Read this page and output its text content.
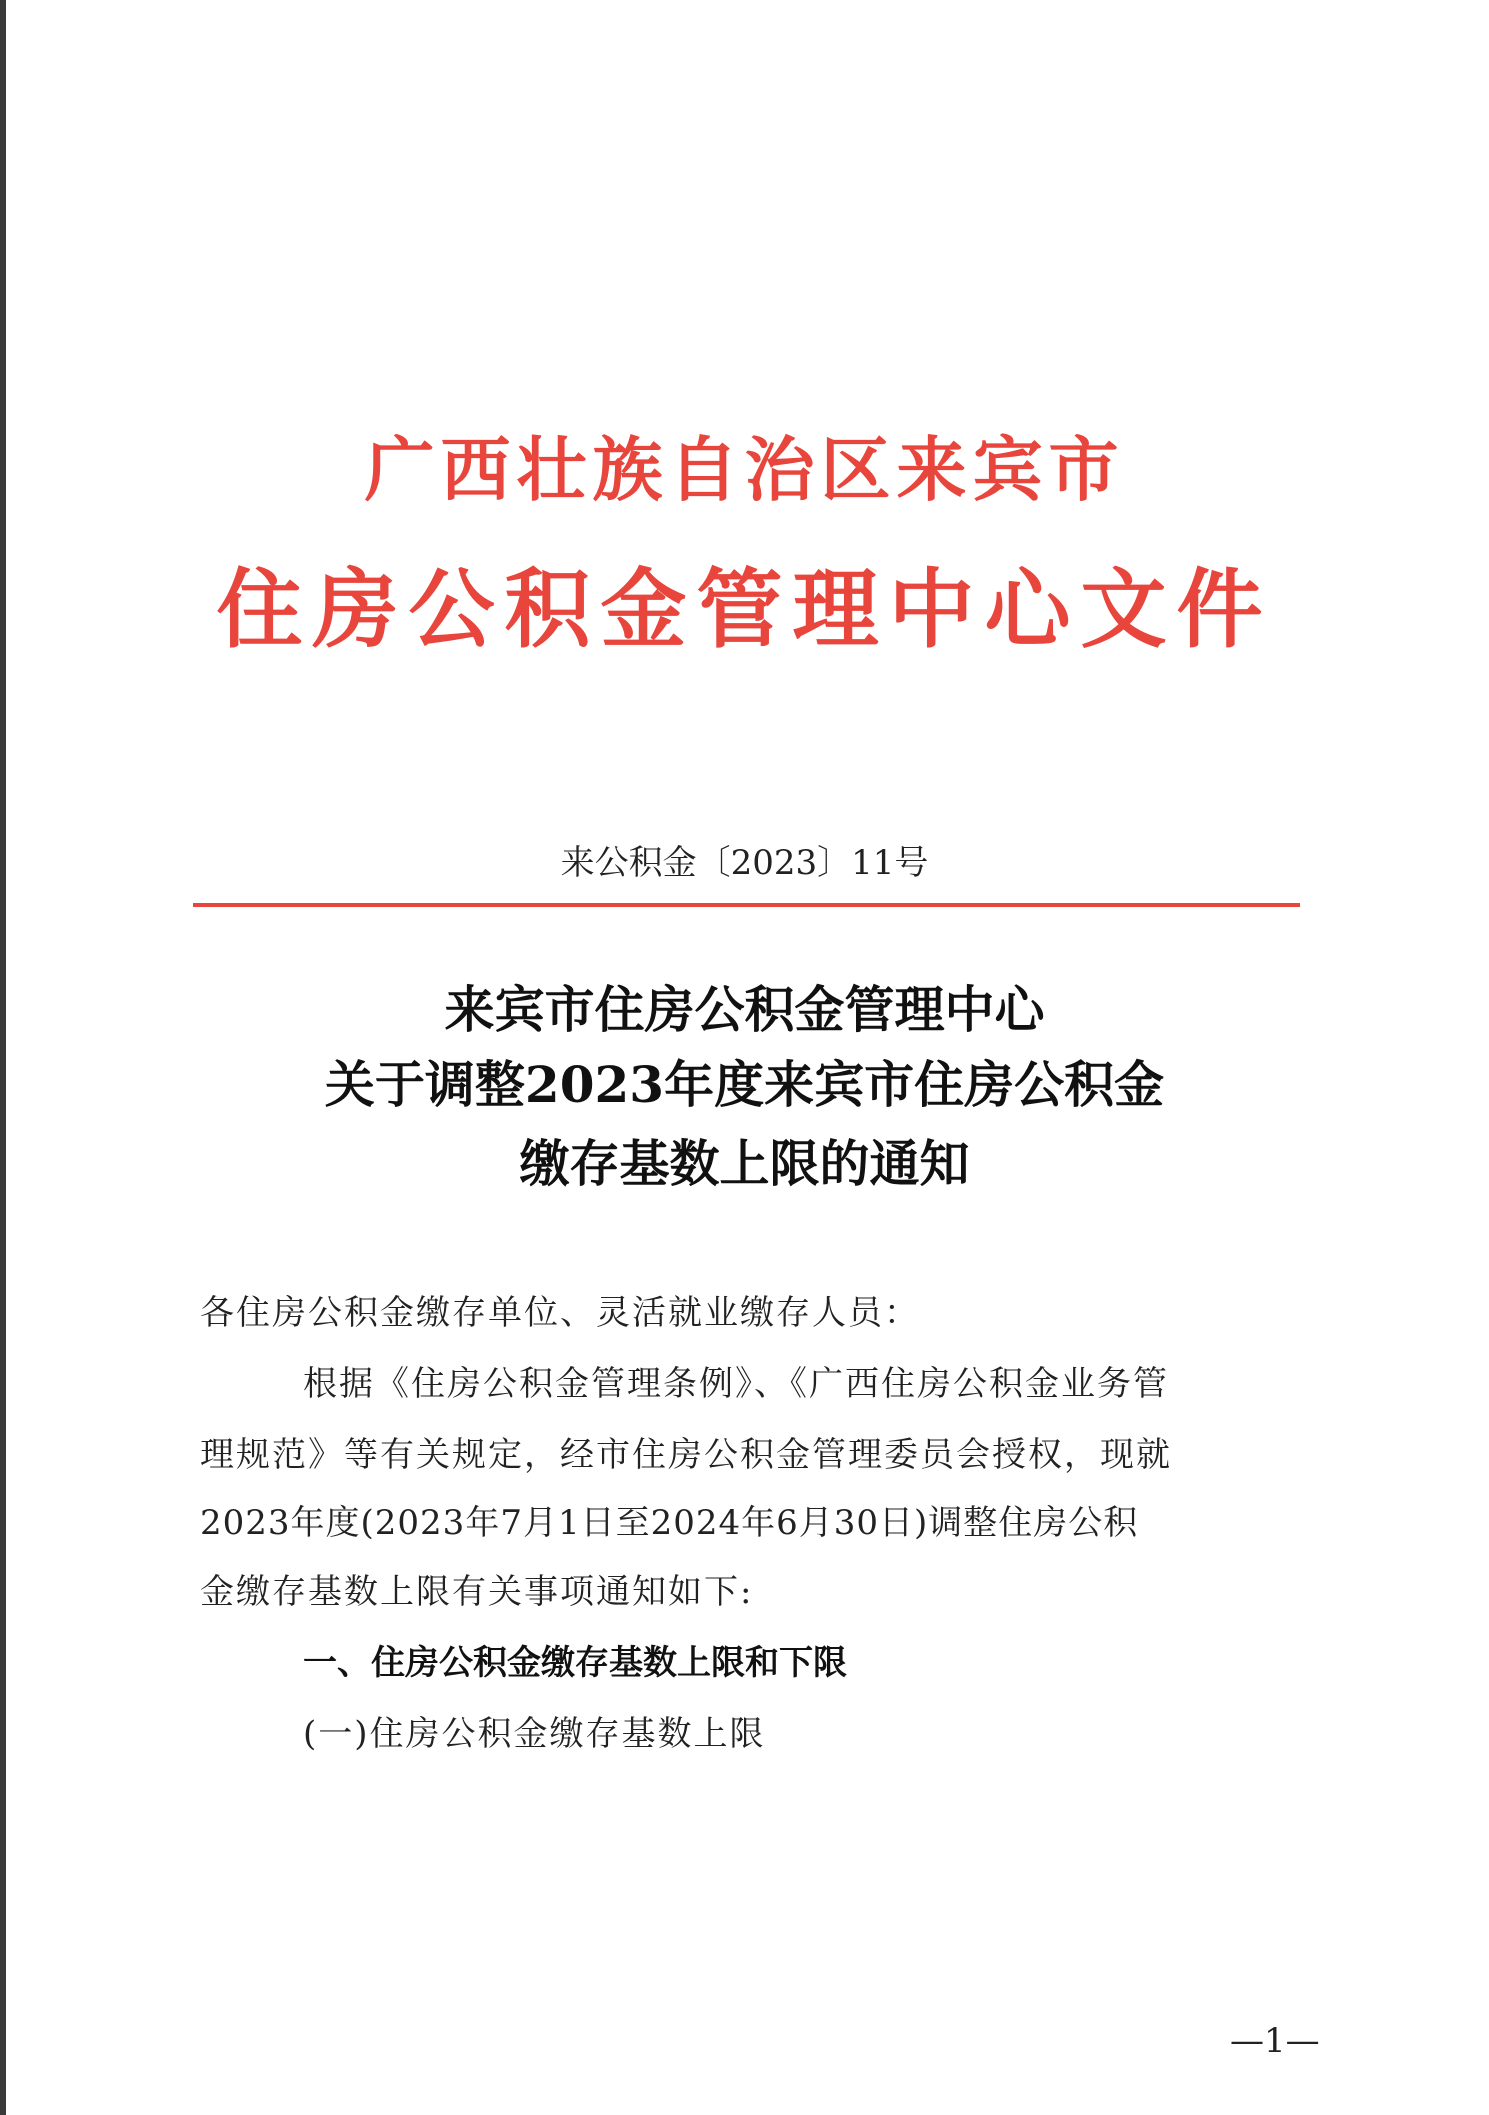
广西壮族自治区来宾市
住房公积金管理中心文件
来公积金〔2023〕11号
来宾市住房公积金管理中心
关于调整2023年度来宾市住房公积金
缴存基数上限的通知
各住房公积金缴存单位、灵活就业缴存人员：
根据《住房公积金管理条例》、《广西住房公积金业务管
理规范》等有关规定，经市住房公积金管理委员会授权，现就
2023年度(2023年7月1日至2024年6月30日)调整住房公积
金缴存基数上限有关事项通知如下:
一、住房公积金缴存基数上限和下限
(一)住房公积金缴存基数上限
—1—
